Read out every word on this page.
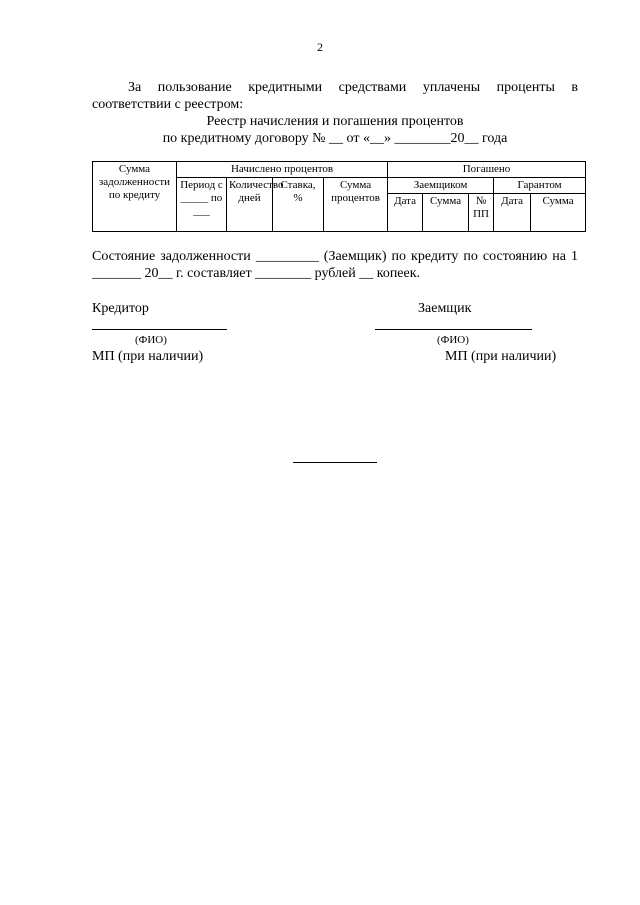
2
За пользование кредитными средствами уплачены проценты в соответствии с реестром:
Реестр начисления и погашения процентов
по кредитному договору № __ от «__» ________20__ года
Сумма задолженности по кредиту	Начислено процентов				Погашено				
	Период с _____ по ___	Количество дней	Ставка, %	Сумма процентов	Заемщиком			Гарантом	
					Дата	Сумма	№ ПП	Дата	Сумма
Состояние задолженности _________ (Заемщик) по кредиту по состоянию на 1 _______ 20__ г. составляет ________ рублей __ копеек.
Кредитор	Заемщик
(ФИО)	(ФИО)
МП (при наличии)	МП (при наличии)
